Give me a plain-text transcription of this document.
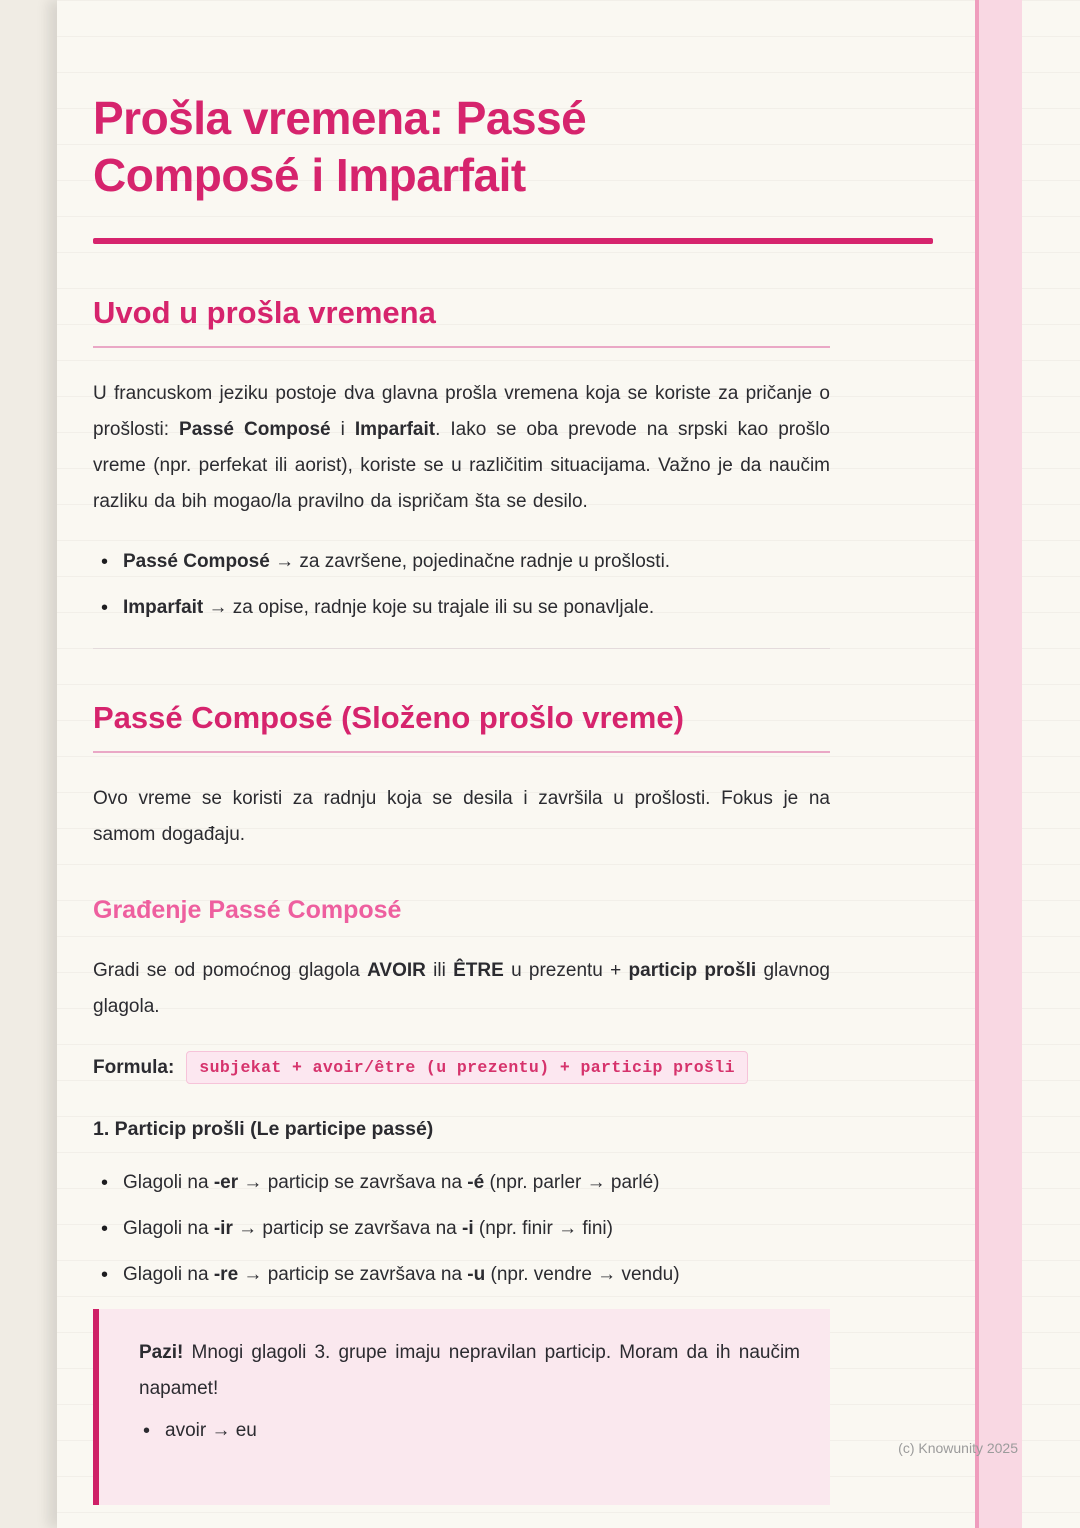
Prošla vremena: Passé Composé i Imparfait
Uvod u prošla vremena

U francuskom jeziku postoje dva glavna prošla vremena koja se koriste za pričanje o prošlosti: Passé Composé i Imparfait. Iako se oba prevode na srpski kao prošlo vreme (npr. perfekat ili aorist), koriste se u različitim situacijama. Važno je da naučim razliku da bih mogao/la pravilno da ispričam šta se desilo.

• Passé Composé → za završene, pojedinačne radnje u prošlosti.
• Imparfait → za opise, radnje koje su trajale ili su se ponavljale.
Passé Composé (Složeno prošlo vreme)

Ovo vreme se koristi za radnju koja se desila i završila u prošlosti. Fokus je na samom događaju.

Građenje Passé Composé

Gradi se od pomoćnog glagola AVOIR ili ÊTRE u prezentu + particip prošli glavnog glagola.

Formula:	subjekat + avoir/être (u prezentu) + particip prošli
1. Particip prošli (Le participe passé)
• Glagoli na -er → particip se završava na -é (npr. parler → parlé)
• Glagoli na -ir → particip se završava na -i (npr. finir → fini)
• Glagoli na -re → particip se završava na -u (npr. vendre → vendu)

Pazi! Mnogi glagoli 3. grupe imaju nepravilan particip. Moram da ih naučim napamet!

• avoir → eu
(c) Knowunity 2025
